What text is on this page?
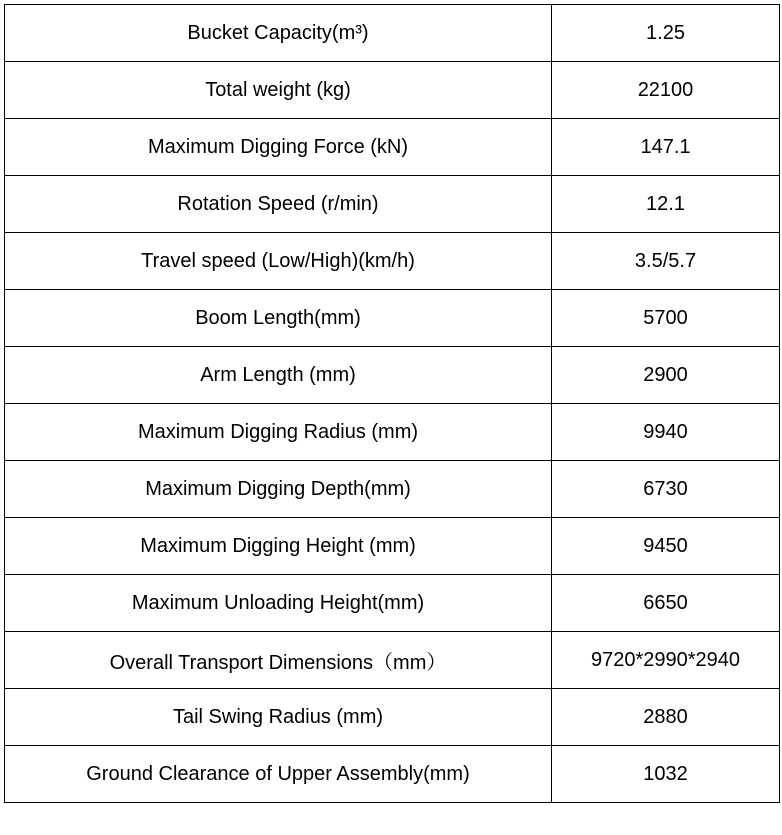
Bucket Capacity(m³)	1.25
Total weight (kg)	22100
Maximum Digging Force (kN)	147.1
Rotation Speed (r/min)	12.1
Travel speed (Low/High)(km/h)	3.5/5.7
Boom Length(mm)	5700
Arm Length (mm)	2900
Maximum Digging Radius (mm)	9940
Maximum Digging Depth(mm)	6730
Maximum Digging Height (mm)	9450
Maximum Unloading Height(mm)	6650
Overall Transport Dimensions（mm）	9720*2990*2940
Tail Swing Radius (mm)	2880
Ground Clearance of Upper Assembly(mm)	1032
